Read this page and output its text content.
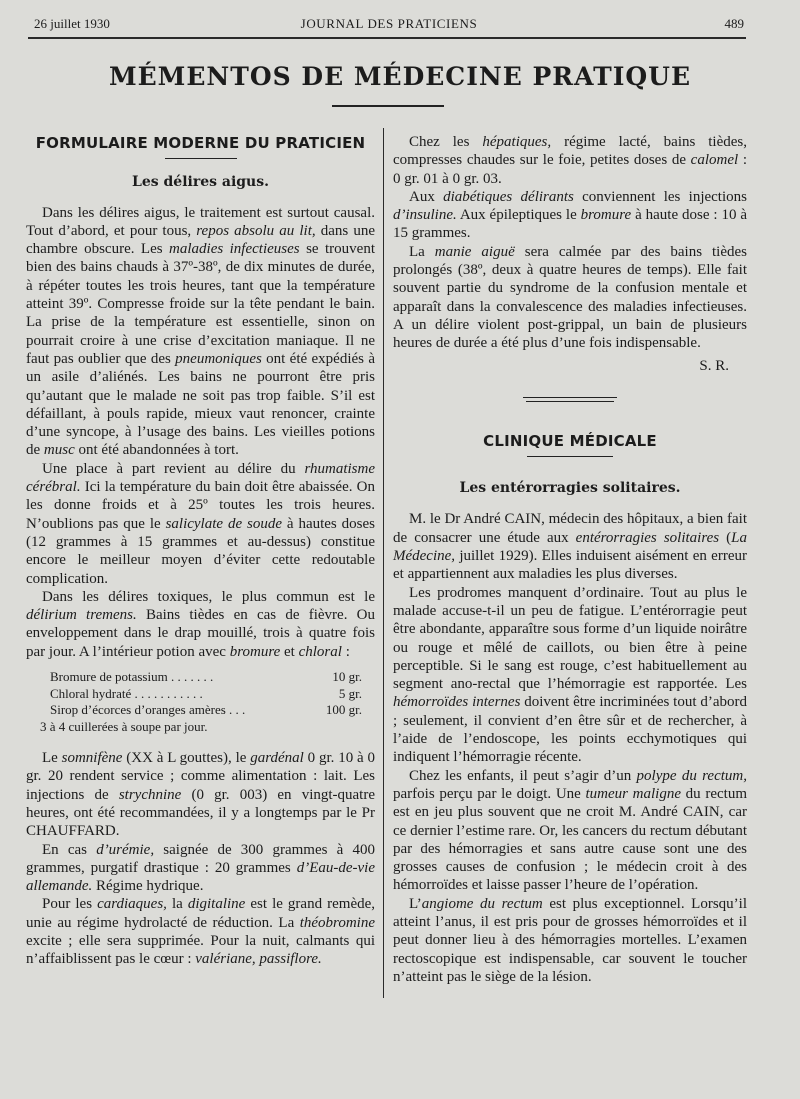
26 juillet 1930	JOURNAL DES PRATICIENS	489
MÉMENTOS DE MÉDECINE PRATIQUE
FORMULAIRE MODERNE DU PRATICIEN
Les délires aigus.

Dans les délires aigus, le traitement est surtout causal. Tout d’abord, et pour tous, repos absolu au lit, dans une chambre obscure. Les maladies infectieuses se trouvent bien des bains chauds à 37º-38º, de dix minutes de durée, à répéter toutes les trois heures, tant que la température atteint 39º. Compresse froide sur la tête pendant le bain. La prise de la température est essentielle, sinon on pourrait croire à une crise d’excitation maniaque. Il ne faut pas oublier que des pneumoniques ont été expédiés à un asile d’aliénés. Les bains ne pourront être pris qu’autant que le malade ne soit pas trop faible. S’il est défaillant, à pouls rapide, mieux vaut renoncer, crainte d’une syncope, à l’usage des bains. Les vieilles potions de musc ont été abandonnées à tort.

Une place à part revient au délire du rhumatisme cérébral. Ici la température du bain doit être abaissée. On les donne froids et à 25º toutes les trois heures. N’oublions pas que le salicylate de soude à hautes doses (12 grammes à 15 grammes et au-dessus) constitue encore le meilleur moyen d’éviter cette redoutable complication.

Dans les délires toxiques, le plus commun est le délirium tremens. Bains tièdes en cas de fièvre. Ou enveloppement dans le drap mouillé, trois à quatre fois par jour. A l’intérieur potion avec bromure et chloral :

Bromure de potassium . . . . . . .	10 gr.
Chloral hydraté . . . . . . . . . . .	5 gr.
Sirop d’écorces d’oranges amères . . .	100 gr.
3 à 4 cuillerées à soupe par jour.

Le somnifène (XX à L gouttes), le gardénal 0 gr. 10 à 0 gr. 20 rendent service ; comme alimentation : lait. Les injections de strychnine (0 gr. 003) en vingt-quatre heures, ont été recommandées, il y a longtemps par le Pr CHAUFFARD.

En cas d’urémie, saignée de 300 grammes à 400 grammes, purgatif drastique : 20 grammes d’Eau-de-vie allemande. Régime hydrique.

Pour les cardiaques, la digitaline est le grand remède, unie au régime hydrolacté de réduction. La théobromine excite ; elle sera supprimée. Pour la nuit, calmants qui n’affaiblissent pas le cœur : valériane, passiflore.

Chez les hépatiques, régime lacté, bains tièdes, compresses chaudes sur le foie, petites doses de calomel : 0 gr. 01 à 0 gr. 03.

Aux diabétiques délirants conviennent les injections d’insuline. Aux épileptiques le bromure à haute dose : 10 à 15 grammes.

La manie aiguë sera calmée par des bains tièdes prolongés (38º, deux à quatre heures de temps). Elle fait souvent partie du syndrome de la confusion mentale et apparaît dans la convalescence des maladies infectieuses. A un délire violent post-grippal, un bain de plusieurs heures de durée a été plus d’une fois indispensable.

S. R.
CLINIQUE MÉDICALE
Les entérorragies solitaires.

M. le Dr André CAIN, médecin des hôpitaux, a bien fait de consacrer une étude aux entérorragies solitaires (La Médecine, juillet 1929). Elles induisent aisément en erreur et appartiennent aux maladies les plus diverses.

Les prodromes manquent d’ordinaire. Tout au plus le malade accuse-t-il un peu de fatigue. L’entérorragie peut être abondante, apparaître sous forme d’un liquide noirâtre ou rouge et mêlé de caillots, ou bien être à peine perceptible. Si le sang est rouge, c’est habituellement au segment ano-rectal que l’hémorragie est rapportée. Les hémorroïdes internes doivent être incriminées tout d’abord ; seulement, il convient d’en être sûr et de rechercher, à l’aide de l’endoscope, les points ecchymotiques qui indiquent l’hémorragie récente.

Chez les enfants, il peut s’agir d’un polype du rectum, parfois perçu par le doigt. Une tumeur maligne du rectum est en jeu plus souvent que ne croit M. André CAIN, car ce dernier l’estime rare. Or, les cancers du rectum débutant par des hémorragies et sans autre cause sont une des grosses causes de confusion ; le médecin croit à des hémorroïdes et laisse passer l’heure de l’opération.

L’angiome du rectum est plus exceptionnel. Lorsqu’il atteint l’anus, il est pris pour de grosses hémorroïdes et il peut donner lieu à des hémorragies mortelles. L’examen rectoscopique est indispensable, car souvent le toucher n’atteint pas le siège de la lésion.
